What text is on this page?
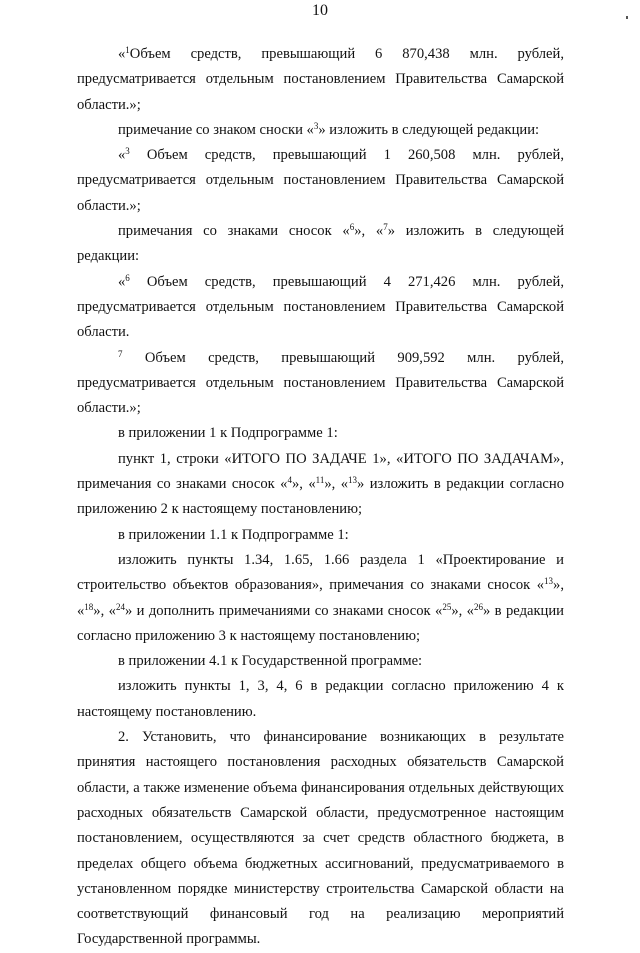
10

«$^1$Объем средств, превышающий 6 870,438 млн. рублей, предусматривается отдельным постановлением Правительства Самарской области.»;

примечание со знаком сноски «$^3$» изложить в следующей редакции:

«$^3$ Объем средств, превышающий 1 260,508 млн. рублей, предусматривается отдельным постановлением Правительства Самарской области.»;

примечания со знаками сносок «$^6$», «$^7$» изложить в следующей редакции:

«$^6$ Объем средств, превышающий 4 271,426 млн. рублей, предусматривается отдельным постановлением Правительства Самарской области.

$^7$ Объем средств, превышающий 909,592 млн. рублей, предусматривается отдельным постановлением Правительства Самарской области.»;

в приложении 1 к Подпрограмме 1:

пункт 1, строки «ИТОГО ПО ЗАДАЧЕ 1», «ИТОГО ПО ЗАДАЧАМ», примечания со знаками сносок «$^4$», «$^{11}$», «$^{13}$» изложить в редакции согласно приложению 2 к настоящему постановлению;

в приложении 1.1 к Подпрограмме 1:

изложить пункты 1.34, 1.65, 1.66 раздела 1 «Проектирование и строительство объектов образования», примечания со знаками сносок «$^{13}$», «$^{18}$», «$^{24}$» и дополнить примечаниями со знаками сносок «$^{25}$», «$^{26}$» в редакции согласно приложению 3 к настоящему постановлению;

в приложении 4.1 к Государственной программе:

изложить пункты 1, 3, 4, 6 в редакции согласно приложению 4 к настоящему постановлению.

2. Установить, что финансирование возникающих в результате принятия настоящего постановления расходных обязательств Самарской области, а также изменение объема финансирования отдельных действующих расходных обязательств Самарской области, предусмотренное настоящим постановлением, осуществляются за счет средств областного бюджета, в пределах общего объема бюджетных ассигнований, предусматриваемого в установленном порядке министерству строительства Самарской области на соответствующий финансовый год на реализацию мероприятий Государственной программы.
